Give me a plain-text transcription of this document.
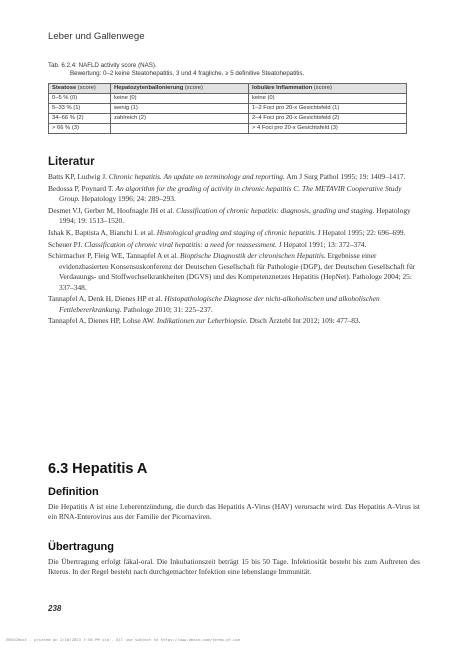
Leber und Gallenwege
Tab. 6.2.4: NAFLD activity score (NAS).
Bewertung: 0–2 keine Steatohepatitis, 3 und 4 fragliche, ≥ 5 definitive Steatohepatitis.
Steatose (score)	Hepatozytenballonierung (score)	lobuläre Inflammation (score)
0–5 % (0)	keine (0)	keine (0)
5–33 % (1)	wenig (1)	1–2 Foci pro 20-x Gesichtsfeld (1)
34–66 % (2)	zahlreich (2)	2–4 Foci pro 20-x Gesichtsfeld (2)
> 66 % (3)		> 4 Foci pro 20-x Gesichtsfeld (3)
Literatur

Batts KP, Ludwig J. Chronic hepatitis. An update on terminology and reporting. Am J Surg Pathol 1995; 19: 1409–1417.

Bedossa P, Poynard T. An algorithm for the grading of activity in chronic hepatitis C. The METAVIR Cooperative Study Group. Hepatology 1996; 24: 289–293.

Desmet VJ, Gerber M, Hoofnagle JH et al. Classification of chronic hepatitis: diagnosis, grading and staging. Hepatology 1994; 19: 1513–1520.

Ishak K, Baptista A, Bianchi L et al. Histological grading and staging of chronic hepatitis. J Hepatol 1995; 22: 696–699.

Scheuer PJ. Classification of chronic viral hepatitis: a need for reassessment. J Hepatol 1991; 13: 372–374.

Schirmacher P, Fleig WE, Tannapfel A et al. Bioptische Diagnostik der chronischen Hepatitis. Ergebnisse einer evidenzbasierten Konsensuskonferenz der Deutschen Gesellschaft für Pathologie (DGP), der Deutschen Gesellschaft für Verdauungs- und Stoffwechselkrankheiten (DGVS) und des Kompetenznetzes Hepatitis (HepNet). Pathologe 2004; 25: 337–348.

Tannapfel A, Denk H, Dienes HP et al. Histopathologische Diagnose der nicht-alkoholischen und alkoholischen Fettlebererkrankung. Pathologe 2010; 31: 225–237.

Tannapfel A, Dienes HP, Lohse AW. Indikationen zur Leberbiopsie. Dtsch Ärztebl Int 2012; 109: 477–83.

6.3 Hepatitis A
Definition
Die Hepatitis A ist eine Leberentzündung, die durch das Hepatitis A-Virus (HAV) verursacht wird. Das Hepatitis A-Virus ist ein RNA-Enterovirus aus der Familie der Picornaviren.
Übertragung
Die Übertragung erfolgt fäkal-oral. Die Inkubationszeit beträgt 15 bis 50 Tage. Infektiosität besteht bis zum Auftreten des Ikterus. In der Regel besteht nach durchgemachter Infektion eine lebenslange Immunität.
238
EBSCOhost - printed on 2/10/2023 7:56 PM via . All use subject to https://www.ebsco.com/terms-of-use
